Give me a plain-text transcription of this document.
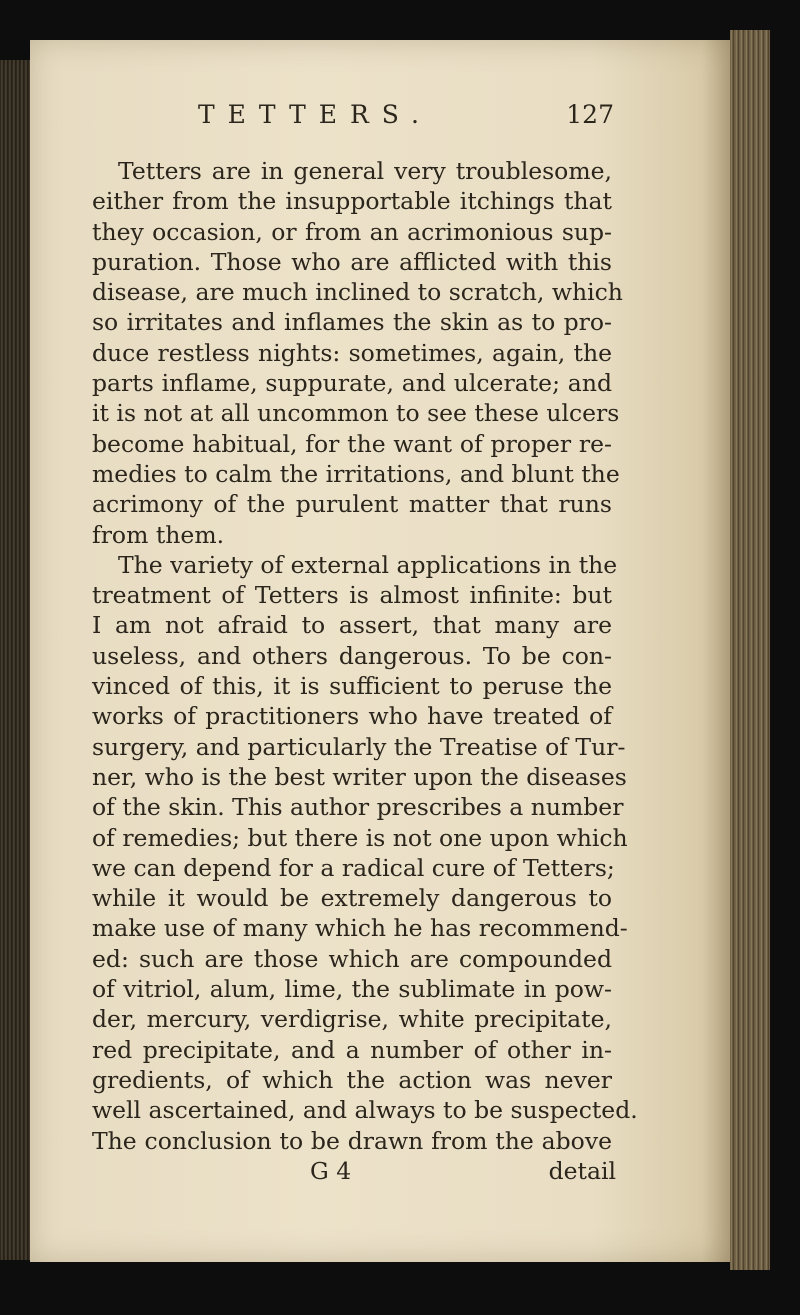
TETTERS.	127
Tetters are in general very troublesome,
either from the insupportable itchings that
they occasion, or from an acrimonious sup-
puration. Those who are afflicted with this
disease, are much inclined to scratch, which
so irritates and inflames the skin as to pro-
duce restless nights: sometimes, again, the
parts inflame, suppurate, and ulcerate; and
it is not at all uncommon to see these ulcers
become habitual, for the want of proper re-
medies to calm the irritations, and blunt the
acrimony of the purulent matter that runs
from them.
The variety of external applications in the
treatment of Tetters is almost infinite: but
I am not afraid to assert, that many are
useless, and others dangerous. To be con-
vinced of this, it is sufficient to peruse the
works of practitioners who have treated of
surgery, and particularly the Treatise of Tur-
ner, who is the best writer upon the diseases
of the skin. This author prescribes a number
of remedies; but there is not one upon which
we can depend for a radical cure of Tetters;
while it would be extremely dangerous to
make use of many which he has recommend-
ed: such are those which are compounded
of vitriol, alum, lime, the sublimate in pow-
der, mercury, verdigrise, white precipitate,
red precipitate, and a number of other in-
gredients, of which the action was never
well ascertained, and always to be suspected.
The conclusion to be drawn from the above
G 4	detail
